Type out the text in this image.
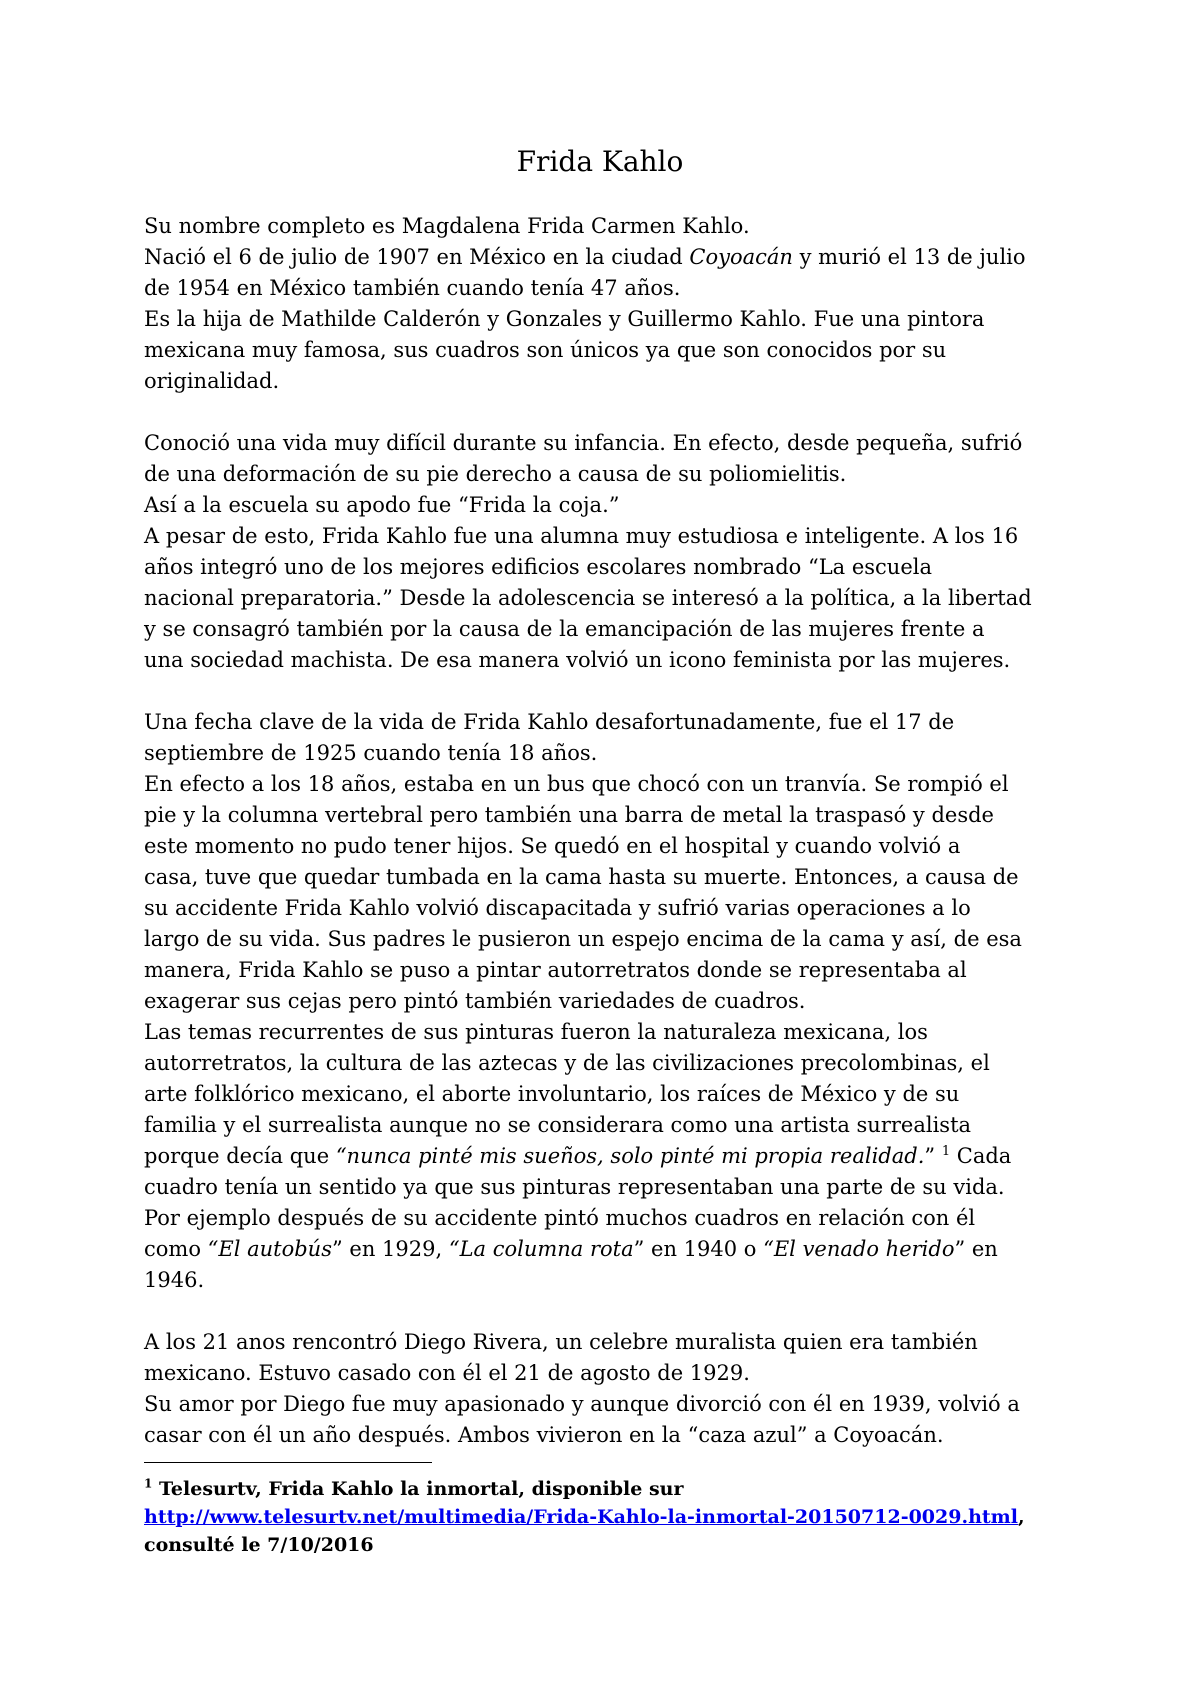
Frida Kahlo
Su nombre completo es Magdalena Frida Carmen Kahlo.
Nació el 6 de julio de 1907 en México en la ciudad Coyoacán y murió el 13 de julio
de 1954 en México también cuando tenía 47 años.
Es la hija de Mathilde Calderón y Gonzales y Guillermo Kahlo. Fue una pintora
mexicana muy famosa, sus cuadros son únicos ya que son conocidos por su
originalidad.
Conoció una vida muy difícil durante su infancia. En efecto, desde pequeña, sufrió
de una deformación de su pie derecho a causa de su poliomielitis.
Así a la escuela su apodo fue “Frida la coja.”
A pesar de esto, Frida Kahlo fue una alumna muy estudiosa e inteligente. A los 16
años integró uno de los mejores edificios escolares nombrado “La escuela
nacional preparatoria.” Desde la adolescencia se interesó a la política, a la libertad
y se consagró también por la causa de la emancipación de las mujeres frente a
una sociedad machista. De esa manera volvió un icono feminista por las mujeres.
Una fecha clave de la vida de Frida Kahlo desafortunadamente, fue el 17 de
septiembre de 1925 cuando tenía 18 años.
En efecto a los 18 años, estaba en un bus que chocó con un tranvía. Se rompió el
pie y la columna vertebral pero también una barra de metal la traspasó y desde
este momento no pudo tener hijos. Se quedó en el hospital y cuando volvió a
casa, tuve que quedar tumbada en la cama hasta su muerte. Entonces, a causa de
su accidente Frida Kahlo volvió discapacitada y sufrió varias operaciones a lo
largo de su vida. Sus padres le pusieron un espejo encima de la cama y así, de esa
manera, Frida Kahlo se puso a pintar autorretratos donde se representaba al
exagerar sus cejas pero pintó también variedades de cuadros.
Las temas recurrentes de sus pinturas fueron la naturaleza mexicana, los
autorretratos, la cultura de las aztecas y de las civilizaciones precolombinas, el
arte folklórico mexicano, el aborte involuntario, los raíces de México y de su
familia y el surrealista aunque no se considerara como una artista surrealista
porque decía que “nunca pinté mis sueños, solo pinté mi propia realidad.” $^1$ Cada
cuadro tenía un sentido ya que sus pinturas representaban una parte de su vida.
Por ejemplo después de su accidente pintó muchos cuadros en relación con él
como “El autobús” en 1929, “La columna rota” en 1940 o “El venado herido” en
1946.
A los 21 anos rencontró Diego Rivera, un celebre muralista quien era también
mexicano. Estuvo casado con él el 21 de agosto de 1929.
Su amor por Diego fue muy apasionado y aunque divorció con él en 1939, volvió a
casar con él un año después. Ambos vivieron en la “caza azul” a Coyoacán.
$^1$ Telesurtv, Frida Kahlo la inmortal, disponible sur
http://www.telesurtv.net/multimedia/Frida-Kahlo-la-inmortal-20150712-0029.html,
consulté le 7/10/2016
